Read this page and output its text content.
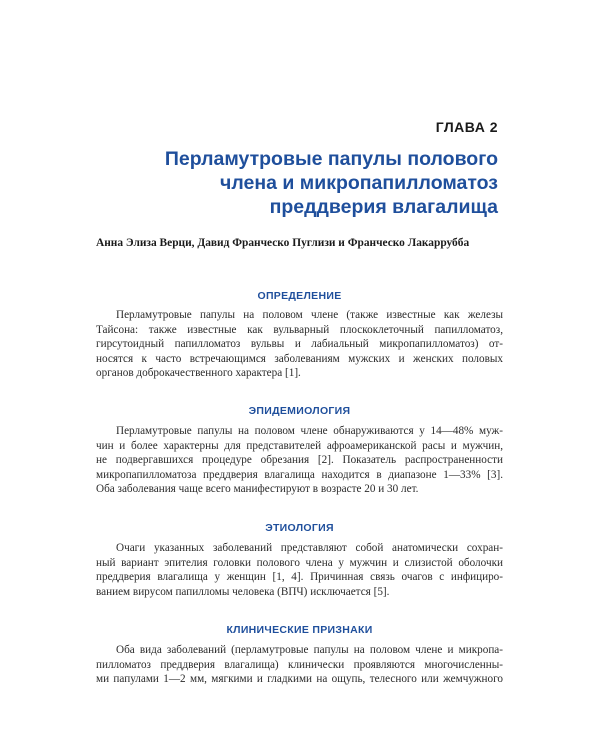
ГЛАВА 2
Перламутровые папулы полового
члена и микропапилломатоз
преддверия влагалища
Анна Элиза Верци, Давид Франческо Пуглизи и Франческо Лакаррубба
ОПРЕДЕЛЕНИЕ
Перламутровые папулы на половом члене (также известные как железы
Тайсона: также известные как вульварный плоскоклеточный папилломатоз,
гирсутоидный папилломатоз вульвы и лабиальный микропапилломатоз) от-
носятся к часто встречающимся заболеваниям мужских и женских половых
органов доброкачественного характера [1].
ЭПИДЕМИОЛОГИЯ
Перламутровые папулы на половом члене обнаруживаются у 14—48% муж-
чин и более характерны для представителей афроамериканской расы и мужчин,
не подвергавшихся процедуре обрезания [2]. Показатель распространенности
микропапилломатоза преддверия влагалища находится в диапазоне 1—33% [3].
Оба заболевания чаще всего манифестируют в возрасте 20 и 30 лет.
ЭТИОЛОГИЯ
Очаги указанных заболеваний представляют собой анатомически сохран-
ный вариант эпителия головки полового члена у мужчин и слизистой оболочки
преддверия влагалища у женщин [1, 4]. Причинная связь очагов с инфициро-
ванием вирусом папилломы человека (ВПЧ) исключается [5].
КЛИНИЧЕСКИЕ ПРИЗНАКИ
Оба вида заболеваний (перламутровые папулы на половом члене и микропа-
пилломатоз преддверия влагалища) клинически проявляются многочисленны-
ми папулами 1—2 мм, мягкими и гладкими на ощупь, телесного или жемчужного
